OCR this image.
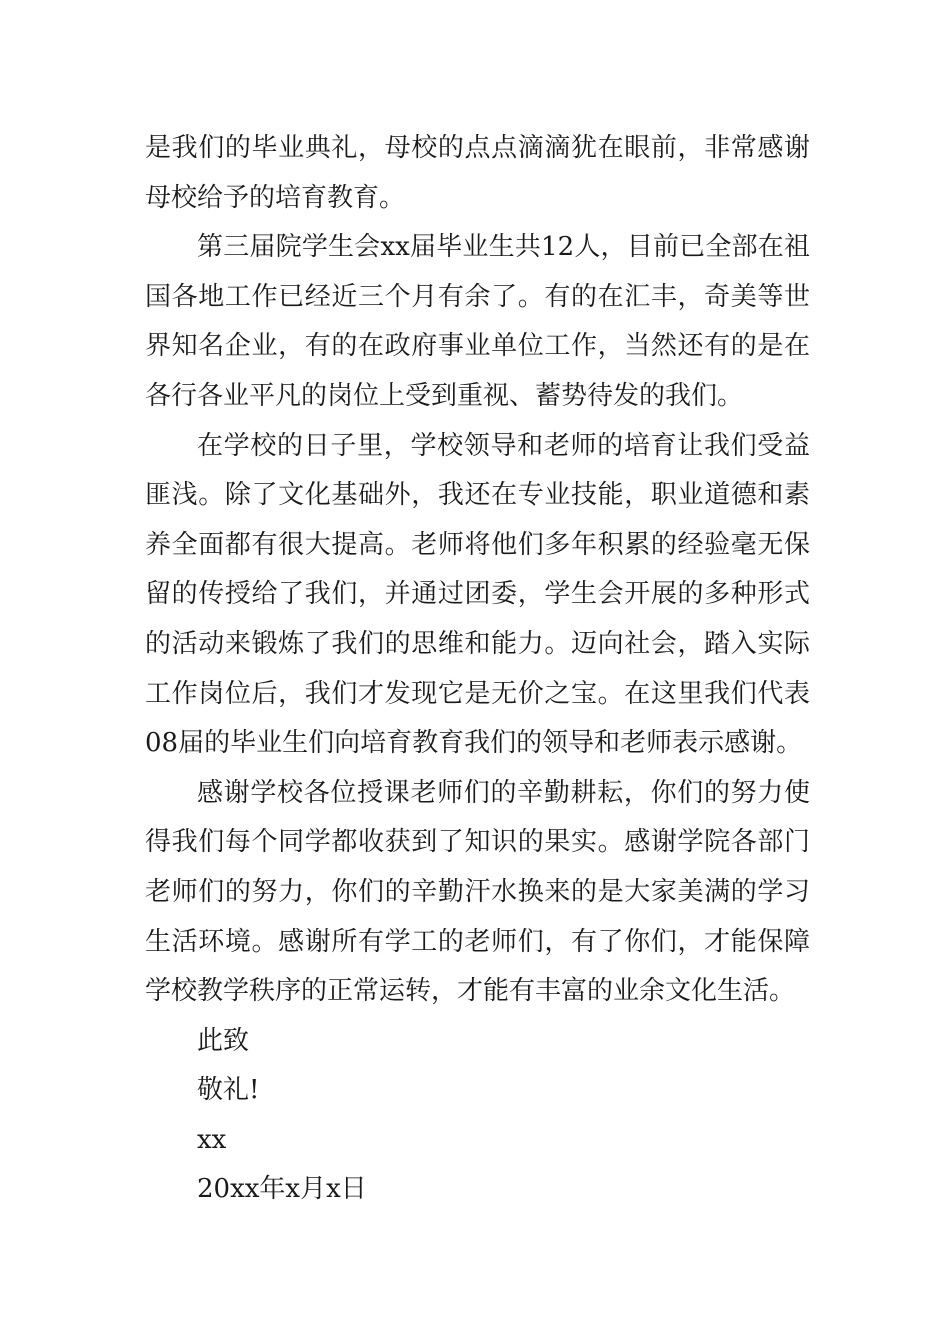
是我们的毕业典礼，母校的点点滴滴犹在眼前，非常感谢母校给予的培育教育。

第三届院学生会xx届毕业生共12人，目前已全部在祖国各地工作已经近三个月有余了。有的在汇丰，奇美等世界知名企业，有的在政府事业单位工作，当然还有的是在各行各业平凡的岗位上受到重视、蓄势待发的我们。

在学校的日子里，学校领导和老师的培育让我们受益匪浅。除了文化基础外，我还在专业技能，职业道德和素养全面都有很大提高。老师将他们多年积累的经验毫无保留的传授给了我们，并通过团委，学生会开展的多种形式的活动来锻炼了我们的思维和能力。迈向社会，踏入实际工作岗位后，我们才发现它是无价之宝。在这里我们代表08届的毕业生们向培育教育我们的领导和老师表示感谢。

感谢学校各位授课老师们的辛勤耕耘，你们的努力使得我们每个同学都收获到了知识的果实。感谢学院各部门老师们的努力，你们的辛勤汗水换来的是大家美满的学习生活环境。感谢所有学工的老师们，有了你们，才能保障学校教学秩序的正常运转，才能有丰富的业余文化生活。

此致

敬礼!

xx

20xx年x月x日
